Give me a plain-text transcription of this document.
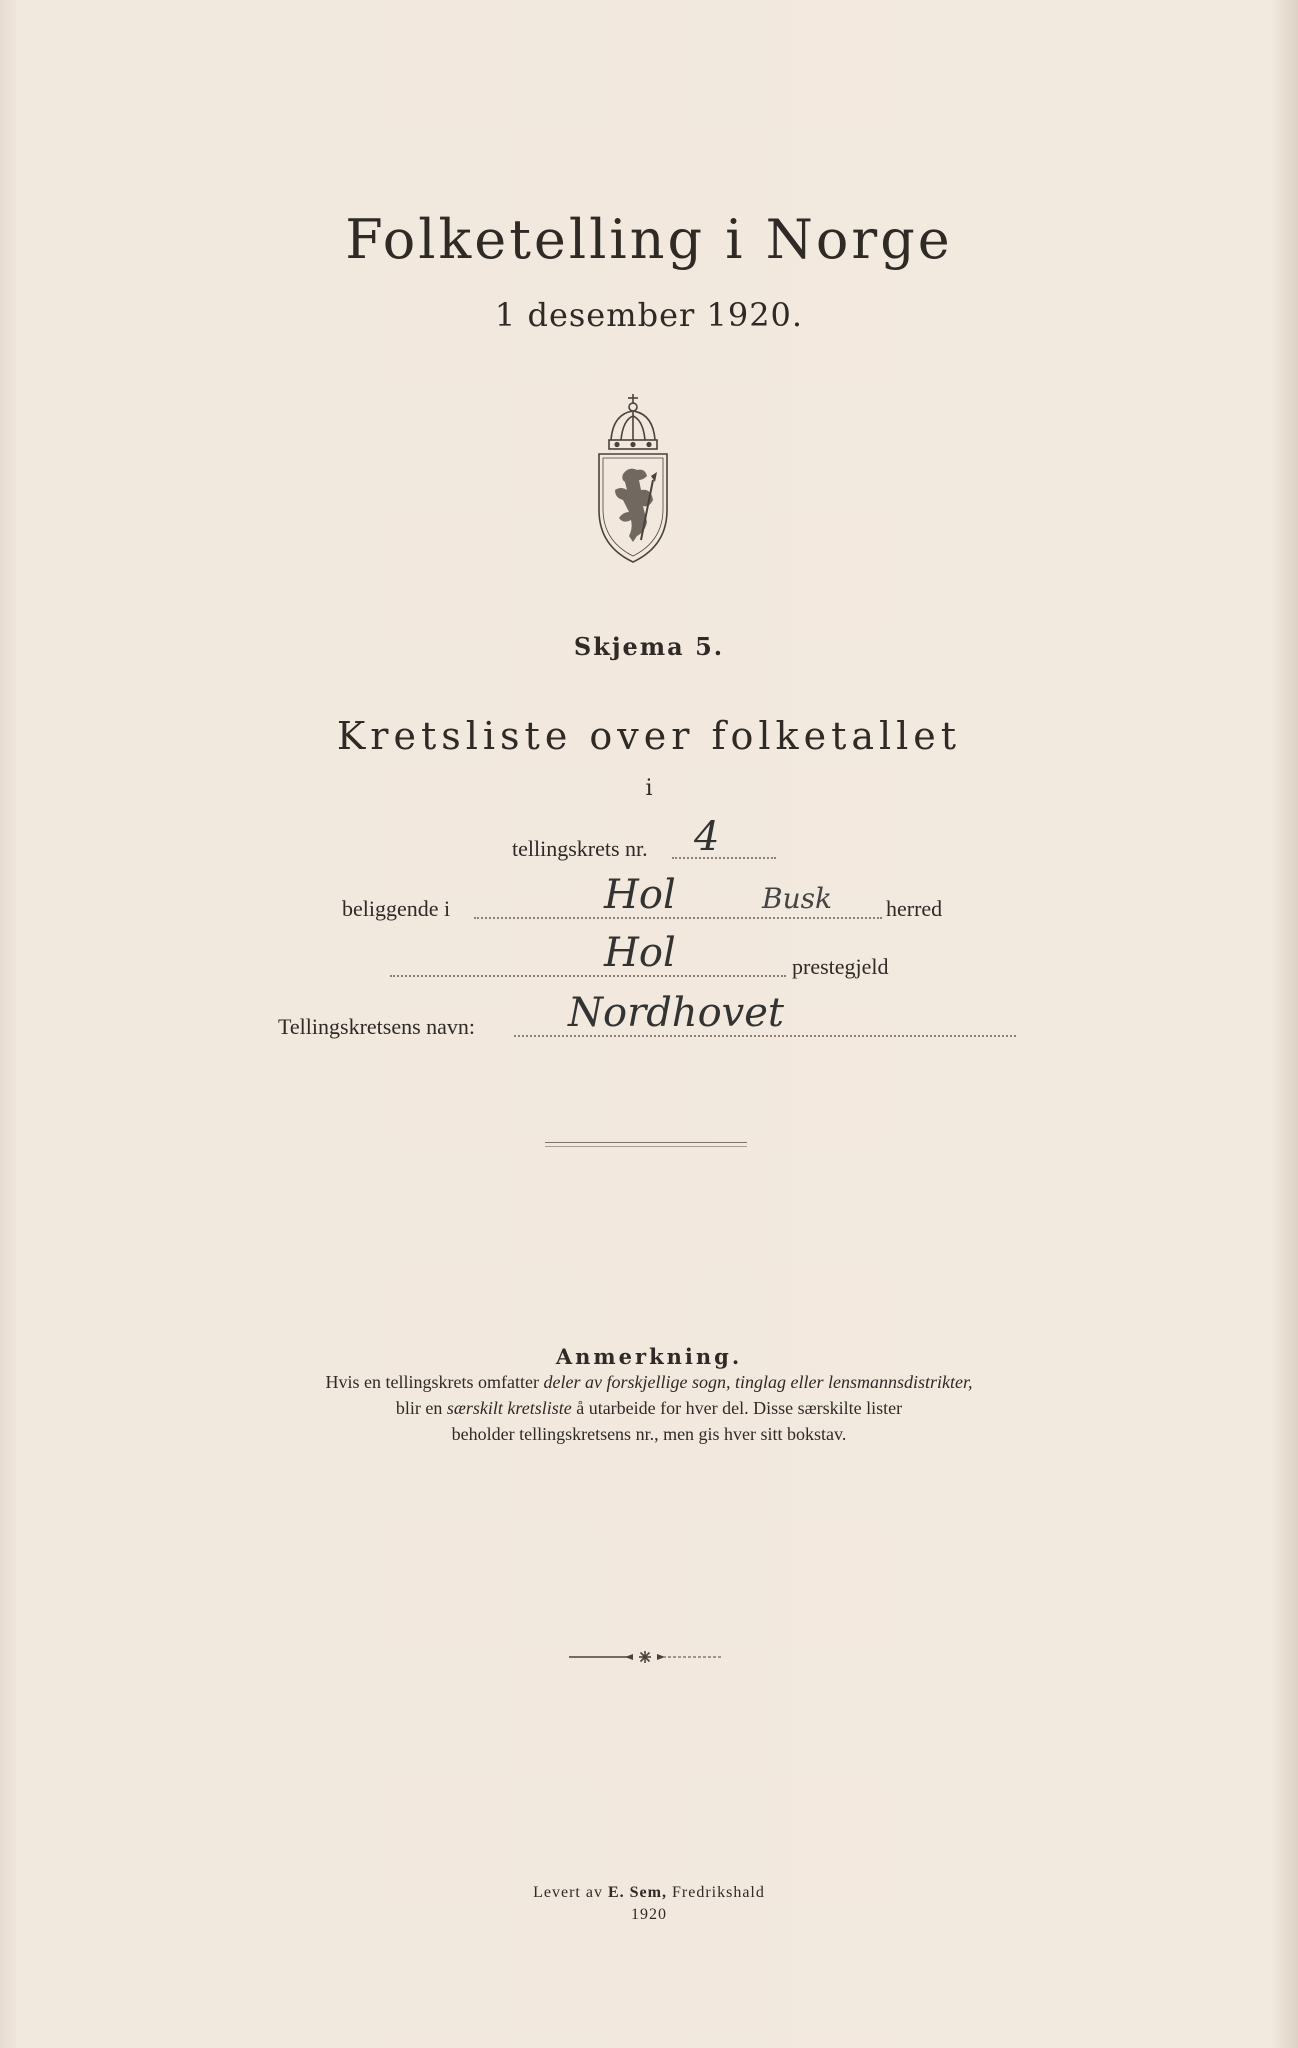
Folketelling i Norge
1 desember 1920.
Skjema 5.
Kretsliste over folketallet
i
tellingskrets nr. 4
beliggende i	Hol	Busk herred
Hol	prestegjeld
Tellingskretsens navn: Nordhovet
Anmerkning.
Hvis en tellingskrets omfatter deler av forskjellige sogn, tinglag eller lensmannsdistrikter,
blir en særskilt kretsliste å utarbeide for hver del. Disse særskilte lister
beholder tellingskretsens nr., men gis hver sitt bokstav.
Levert av E. Sem, Fredrikshald
1920
